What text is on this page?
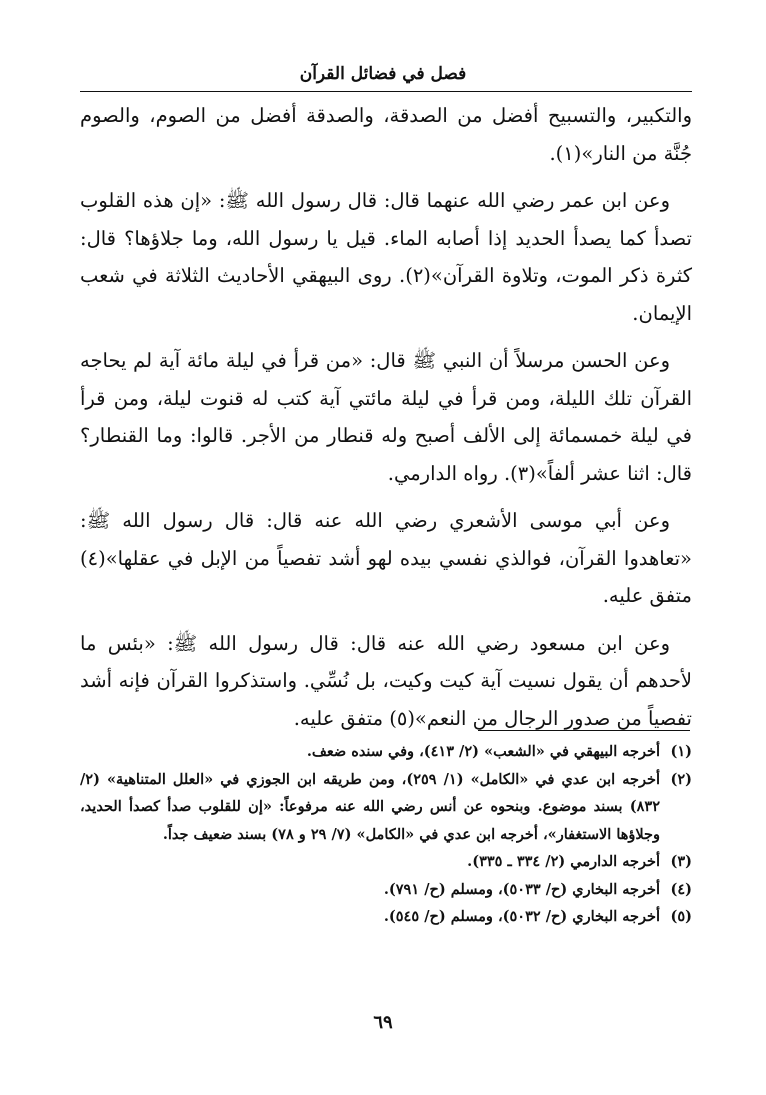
فصل في فضائل القرآن

والتكبير، والتسبيح أفضل من الصدقة، والصدقة أفضل من الصوم، والصوم جُنَّة من النار»(١).

وعن ابن عمر رضي الله عنهما قال: قال رسول الله ﷺ: «إن هذه القلوب تصدأ كما يصدأ الحديد إذا أصابه الماء. قيل يا رسول الله، وما جلاؤها؟ قال: كثرة ذكر الموت، وتلاوة القرآن»(٢). روى البيهقي الأحاديث الثلاثة في شعب الإيمان.

وعن الحسن مرسلاً أن النبي ﷺ قال: «من قرأ في ليلة مائة آية لم يحاجه القرآن تلك الليلة، ومن قرأ في ليلة مائتي آية كتب له قنوت ليلة، ومن قرأ في ليلة خمسمائة إلى الألف أصبح وله قنطار من الأجر. قالوا: وما القنطار؟ قال: اثنا عشر ألفاً»(٣). رواه الدارمي.

وعن أبي موسى الأشعري رضي الله عنه قال: قال رسول الله ﷺ: «تعاهدوا القرآن، فوالذي نفسي بيده لهو أشد تفصياً من الإبل في عقلها»(٤) متفق عليه.

وعن ابن مسعود رضي الله عنه قال: قال رسول الله ﷺ: «بئس ما لأحدهم أن يقول نسيت آية كيت وكيت، بل نُسِّي. واستذكروا القرآن فإنه أشد تفصياً من صدور الرجال من النعم»(٥) متفق عليه.

(١)
أخرجه البيهقي في «الشعب» (٢/ ٤١٣)، وفي سنده ضعف.
(٢)
أخرجه ابن عدي في «الكامل» (١/ ٢٥٩)، ومن طريقه ابن الجوزي في «العلل المتناهية» (٢/ ٨٣٢) بسند موضوع. وبنحوه عن أنس رضي الله عنه مرفوعاً: «إن للقلوب صدأ كصدأ الحديد، وجلاؤها الاستغفار»، أخرجه ابن عدي في «الكامل» (٧/ ٢٩ و ٧٨) بسند ضعيف جداً.
(٣)
أخرجه الدارمي (٢/ ٣٣٤ ـ ٣٣٥).
(٤)
أخرجه البخاري (ح/ ٥٠٣٣)، ومسلم (ح/ ٧٩١).
(٥)
أخرجه البخاري (ح/ ٥٠٣٢)، ومسلم (ح/ ٥٤٥).
٦٩
